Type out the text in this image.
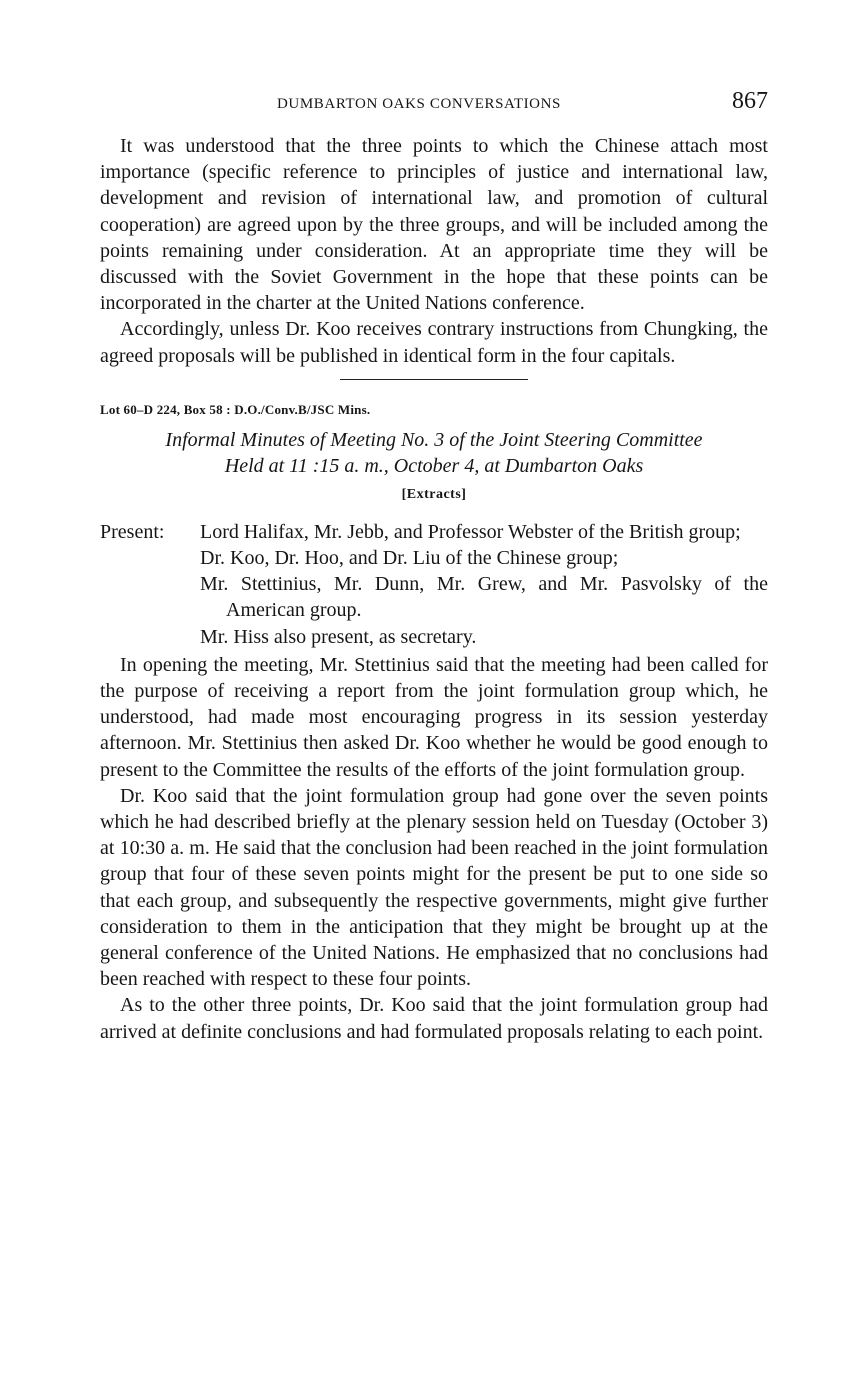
DUMBARTON OAKS CONVERSATIONS	867

It was understood that the three points to which the Chinese attach most importance (specific reference to principles of justice and international law, development and revision of international law, and promotion of cultural cooperation) are agreed upon by the three groups, and will be included among the points remaining under consideration. At an appropriate time they will be discussed with the Soviet Government in the hope that these points can be incorporated in the charter at the United Nations conference.

Accordingly, unless Dr. Koo receives contrary instructions from Chungking, the agreed proposals will be published in identical form in the four capitals.

Lot 60–D 224, Box 58 : D.O./Conv.B/JSC Mins.
Informal Minutes of Meeting No. 3 of the Joint Steering Committee
Held at 11 :15 a. m., October 4, at Dumbarton Oaks
[Extracts]
Present:	Lord Halifax, Mr. Jebb, and Professor Webster of the British group;
Dr. Koo, Dr. Hoo, and Dr. Liu of the Chinese group;
Mr. Stettinius, Mr. Dunn, Mr. Grew, and Mr. Pasvolsky of the American group.
Mr. Hiss also present, as secretary.

In opening the meeting, Mr. Stettinius said that the meeting had been called for the purpose of receiving a report from the joint formulation group which, he understood, had made most encouraging progress in its session yesterday afternoon. Mr. Stettinius then asked Dr. Koo whether he would be good enough to present to the Committee the results of the efforts of the joint formulation group.

Dr. Koo said that the joint formulation group had gone over the seven points which he had described briefly at the plenary session held on Tuesday (October 3) at 10:30 a. m. He said that the conclusion had been reached in the joint formulation group that four of these seven points might for the present be put to one side so that each group, and subsequently the respective governments, might give further consideration to them in the anticipation that they might be brought up at the general conference of the United Nations. He emphasized that no conclusions had been reached with respect to these four points.

As to the other three points, Dr. Koo said that the joint formulation group had arrived at definite conclusions and had formulated proposals relating to each point.
